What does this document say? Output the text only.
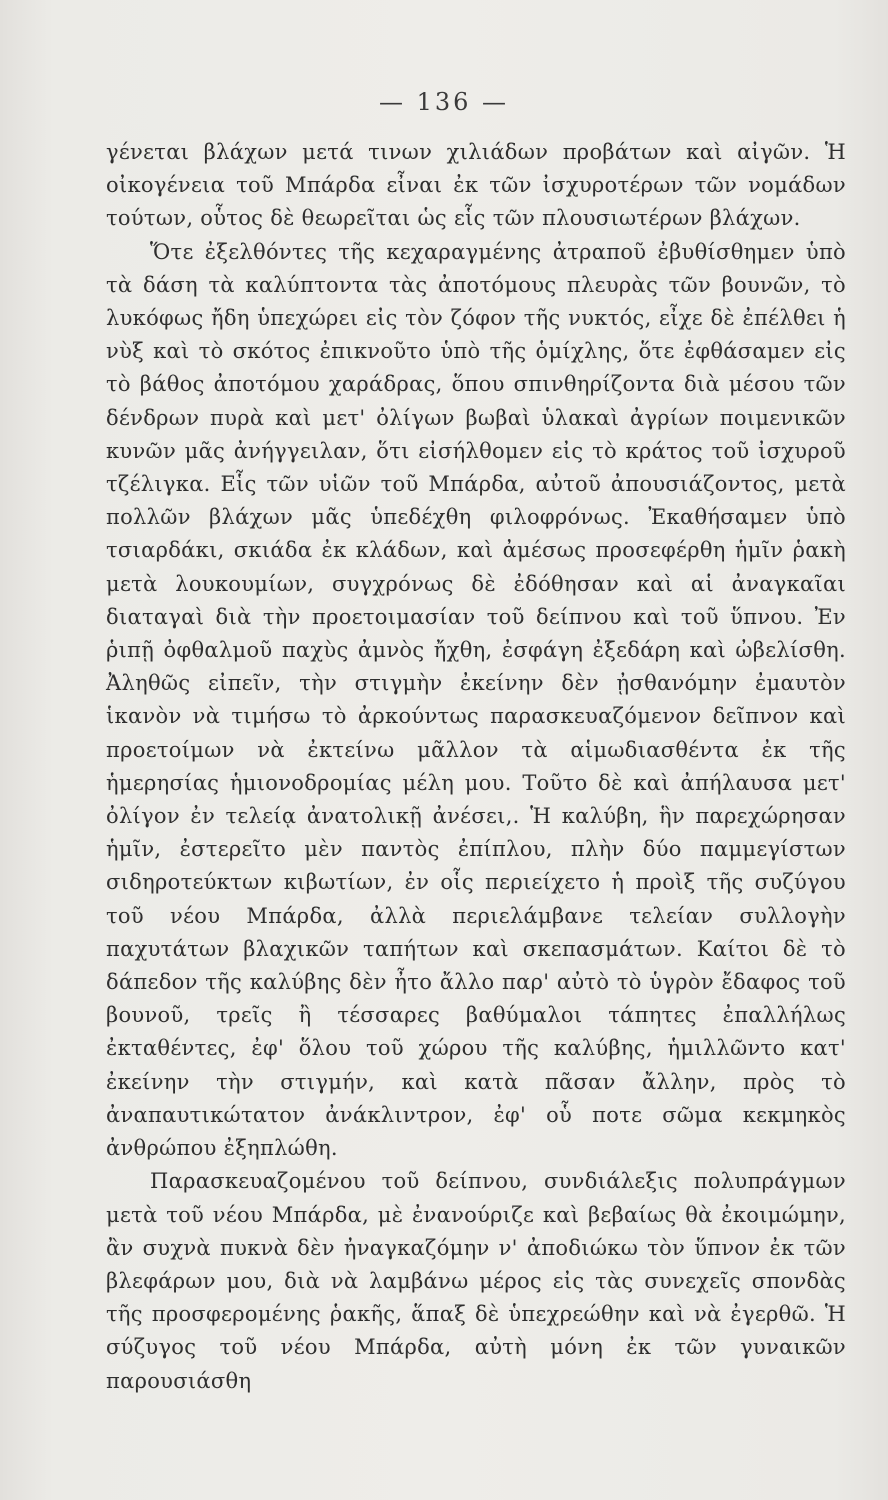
— 136 —

γένεται βλάχων μετά τινων χιλιάδων προβάτων καὶ αἰγῶν. Ἡ οἰκογένεια τοῦ Μπάρδα εἶναι ἐκ τῶν ἰσχυροτέρων τῶν νομάδων τούτων, οὗτος δὲ θεωρεῖται ὡς εἷς τῶν πλουσιωτέρων βλάχων.

Ὅτε ἐξελθόντες τῆς κεχαραγμένης ἀτραποῦ ἐβυθίσθημεν ὑπὸ τὰ δάση τὰ καλύπτοντα τὰς ἀποτόμους πλευρὰς τῶν βουνῶν, τὸ λυκόφως ἤδη ὑπεχώρει εἰς τὸν ζόφον τῆς νυκτός, εἶχε δὲ ἐπέλθει ἡ νὺξ καὶ τὸ σκότος ἐπικνοῦτο ὑπὸ τῆς ὁμίχλης, ὅτε ἐφθάσαμεν εἰς τὸ βάθος ἀποτόμου χαράδρας, ὅπου σπινθηρίζοντα διὰ μέσου τῶν δένδρων πυρὰ καὶ μετ' ὀλίγων βωβαὶ ὑλακαὶ ἀγρίων ποιμενικῶν κυνῶν μᾶς ἀνήγγειλαν, ὅτι εἰσήλθομεν εἰς τὸ κράτος τοῦ ἰσχυροῦ τζέλιγκα. Εἷς τῶν υἱῶν τοῦ Μπάρδα, αὐτοῦ ἀπουσιάζοντος, μετὰ πολλῶν βλάχων μᾶς ὑπεδέχθη φιλοφρόνως. Ἐκαθήσαμεν ὑπὸ τσιαρδάκι, σκιάδα ἐκ κλάδων, καὶ ἀμέσως προσεφέρθη ἡμῖν ῥακὴ μετὰ λουκουμίων, συγχρόνως δὲ ἐδόθησαν καὶ αἱ ἀναγκαῖαι διαταγαὶ διὰ τὴν προετοιμασίαν τοῦ δείπνου καὶ τοῦ ὕπνου. Ἐν ῥιπῇ ὀφθαλμοῦ παχὺς ἀμνὸς ἤχθη, ἐσφάγη ἐξεδάρη καὶ ὠβελίσθη. Ἀληθῶς εἰπεῖν, τὴν στιγμὴν ἐκείνην δὲν ᾐσθανόμην ἐμαυτὸν ἱκανὸν νὰ τιμήσω τὸ ἀρκούντως παρασκευαζόμενον δεῖπνον καὶ προετοίμων νὰ ἐκτείνω μᾶλλον τὰ αἱμωδιασθέντα ἐκ τῆς ἡμερησίας ἡμιονοδρομίας μέλη μου. Τοῦτο δὲ καὶ ἀπήλαυσα μετ' ὀλίγον ἐν τελείᾳ ἀνατολικῇ ἀνέσει,. Ἡ καλύβη, ἣν παρεχώρησαν ἡμῖν, ἐστερεῖτο μὲν παντὸς ἐπίπλου, πλὴν δύο παμμεγίστων σιδηροτεύκτων κιβωτίων, ἐν οἷς περιείχετο ἡ προὶξ τῆς συζύγου τοῦ νέου Μπάρδα, ἀλλὰ περιελάμβανε τελείαν συλλογὴν παχυτάτων βλαχικῶν ταπήτων καὶ σκεπασμάτων. Καίτοι δὲ τὸ δάπεδον τῆς καλύβης δὲν ἦτο ἄλλο παρ' αὐτὸ τὸ ὑγρὸν ἔδαφος τοῦ βουνοῦ, τρεῖς ἢ τέσσαρες βαθύμαλοι τάπητες ἐπαλλήλως ἐκταθέντες, ἐφ' ὅλου τοῦ χώρου τῆς καλύβης, ἡμιλλῶντο κατ' ἐκείνην τὴν στιγμήν, καὶ κατὰ πᾶσαν ἄλλην, πρὸς τὸ ἀναπαυτικώτατον ἀνάκλιντρον, ἐφ' οὗ ποτε σῶμα κεκμηκὸς ἀνθρώπου ἐξηπλώθη.

Παρασκευαζομένου τοῦ δείπνου, συνδιάλεξις πολυπράγμων μετὰ τοῦ νέου Μπάρδα, μὲ ἐνανούριζε καὶ βεβαίως θὰ ἐκοιμώμην, ἂν συχνὰ πυκνὰ δὲν ἠναγκαζόμην ν' ἀποδιώκω τὸν ὕπνον ἐκ τῶν βλεφάρων μου, διὰ νὰ λαμβάνω μέρος εἰς τὰς συνεχεῖς σπονδὰς τῆς προσφερομένης ῥακῆς, ἅπαξ δὲ ὑπεχρεώθην καὶ νὰ ἐγερθῶ. Ἡ σύζυγος τοῦ νέου Μπάρδα, αὐτὴ μόνη ἐκ τῶν γυναικῶν παρουσιάσθη
